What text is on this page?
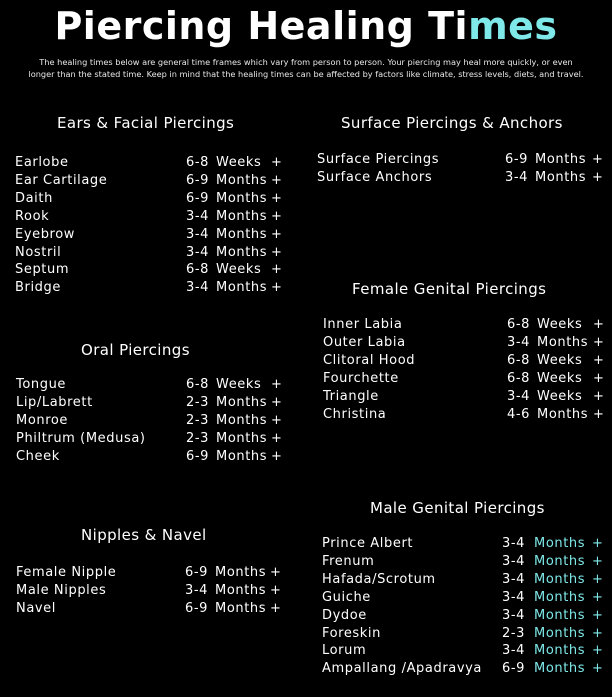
Piercing Healing Times
The healing times below are general time frames which vary from person to person. Your piercing may heal more quickly, or even longer than the stated time. Keep in mind that the healing times can be affected by factors like climate, stress levels, diets, and travel.
Ears & Facial Piercings
Earlobe	6-8 Weeks +
Ear Cartilage	6-9 Months +
Daith	6-9 Months +
Rook	3-4 Months +
Eyebrow	3-4 Months +
Nostril	3-4 Months +
Septum	6-8 Weeks +
Bridge	3-4 Months +
Oral Piercings
Tongue	6-8 Weeks +
Lip/Labrett	2-3 Months +
Monroe	2-3 Months +
Philtrum (Medusa)	2-3 Months +
Cheek	6-9 Months +
Nipples & Navel
Female Nipple	6-9 Months +
Male Nipples	3-4 Months +
Navel	6-9 Months +
Surface Piercings & Anchors
Surface Piercings	6-9 Months +
Surface Anchors	3-4 Months +
Female Genital Piercings
Inner Labia	6-8 Weeks +
Outer Labia	3-4 Months +
Clitoral Hood	6-8 Weeks +
Fourchette	6-8 Weeks +
Triangle	3-4 Weeks +
Christina	4-6 Months +
Male Genital Piercings
Prince Albert	3-4 Months +
Frenum	3-4 Months +
Hafada/Scrotum	3-4 Months +
Guiche	3-4 Months +
Dydoe	3-4 Months +
Foreskin	2-3 Months +
Lorum	3-4 Months +
Ampallang /Apadravya 6-9 Months +
